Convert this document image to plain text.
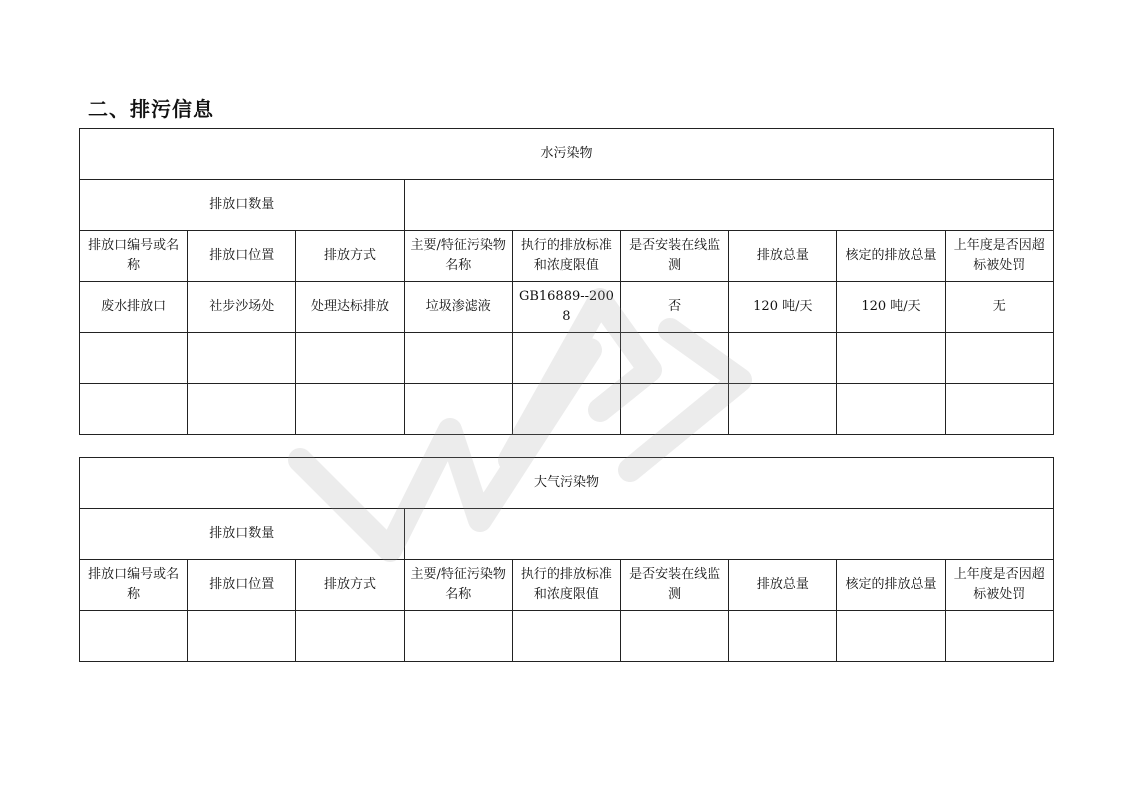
二、排污信息
水污染物								
排放口数量								
排放口编号或名称	排放口位置	排放方式	主要/特征污染物名称	执行的排放标准和浓度限值	是否安装在线监测	排放总量	核定的排放总量	上年度是否因超标被处罚
废水排放口	社步沙场处	处理达标排放	垃圾渗滤液	GB16889--2008	否	120 吨/天	120 吨/天	无

大气污染物								
排放口数量								
排放口编号或名称	排放口位置	排放方式	主要/特征污染物名称	执行的排放标准和浓度限值	是否安装在线监测	排放总量	核定的排放总量	上年度是否因超标被处罚
